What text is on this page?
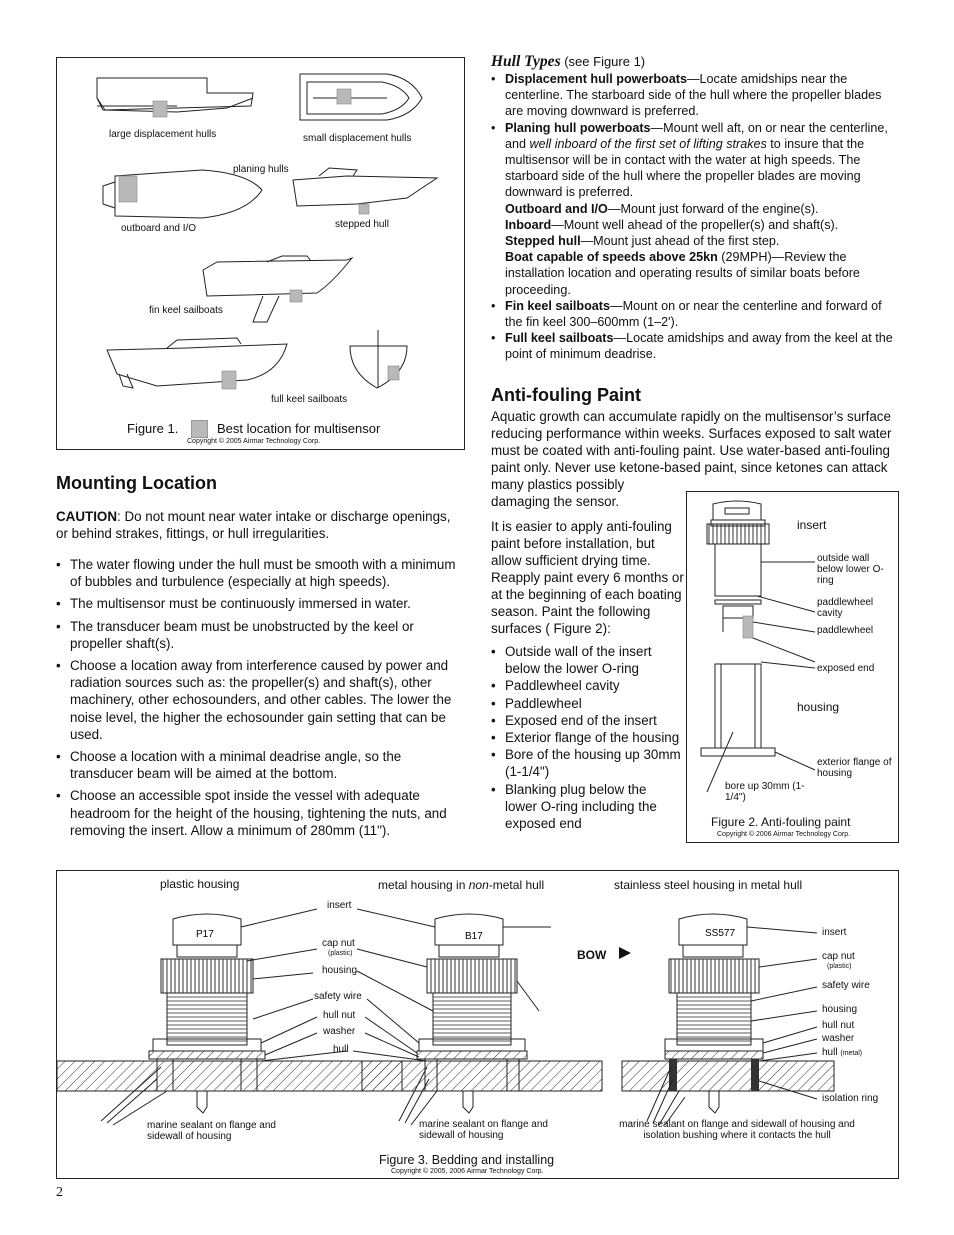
large displacement hulls	small displacement hulls
planing hulls
outboard and I/O	stepped hull
fin keel sailboats
full keel sailboats
Figure 1.	Best location for multisensor
Copyright © 2005 Airmar Technology Corp.
Hull Types (see Figure 1)
• Displacement hull powerboats—Locate amidships near the centerline. The starboard side of the hull where the propeller blades are moving downward is preferred.
• Planing hull powerboats—Mount well aft, on or near the centerline, and well inboard of the first set of lifting strakes to insure that the multisensor will be in contact with the water at high speeds. The starboard side of the hull where the propeller blades are moving downward is preferred.
Outboard and I/O—Mount just forward of the engine(s).
Inboard—Mount well ahead of the propeller(s) and shaft(s).
Stepped hull—Mount just ahead of the first step.
Boat capable of speeds above 25kn (29MPH)—Review the installation location and operating results of similar boats before proceeding.
• Fin keel sailboats—Mount on or near the centerline and forward of the fin keel 300–600mm (1–2').
• Full keel sailboats—Locate amidships and away from the keel at the point of minimum deadrise.
Mounting Location
CAUTION: Do not mount near water intake or discharge openings, or behind strakes, fittings, or hull irregularities.
• The water flowing under the hull must be smooth with a minimum of bubbles and turbulence (especially at high speeds).
• The multisensor must be continuously immersed in water.
• The transducer beam must be unobstructed by the keel or propeller shaft(s).
• Choose a location away from interference caused by power and radiation sources such as: the propeller(s) and shaft(s), other machinery, other echosounders, and other cables. The lower the noise level, the higher the echosounder gain setting that can be used.
• Choose a location with a minimal deadrise angle, so the transducer beam will be aimed at the bottom.
• Choose an accessible spot inside the vessel with adequate headroom for the height of the housing, tightening the nuts, and removing the insert. Allow a minimum of 280mm (11").
Anti-fouling Paint
Aquatic growth can accumulate rapidly on the multisensor’s surface reducing performance within weeks. Surfaces exposed to salt water must be coated with anti-fouling paint. Use water-based anti-fouling paint only. Never use ketone-based paint, since ketones can attack
many plastics possibly damaging the sensor.
It is easier to apply anti-fouling paint before installation, but allow sufficient drying time. Reapply paint every 6 months or at the beginning of each boating season. Paint the following surfaces ( Figure 2):
• Outside wall of the insert below the lower O-ring
• Paddlewheel cavity
• Paddlewheel
• Exposed end of the insert
• Exterior flange of the housing
• Bore of the housing up 30mm (1-1/4")
• Blanking plug below the lower O-ring including the exposed end
insert
outside wall below lower O-ring
paddlewheel cavity
paddlewheel
exposed end
housing
exterior flange of housing
bore up 30mm (1-1/4")
Figure 2. Anti-fouling paint
Copyright © 2006 Airmar Technology Corp.
P17	B17	SS577
plastic housing	metal housing in non-metal hull	stainless steel housing in metal hull
BOW
insert
cap nut
(plastic)
housing
safety wire
hull nut
washer
hull
insert
cap nut
(plastic)
safety wire
housing
hull nut
washer
hull (metal)
isolation ring
marine sealant on flange and sidewall of housing
marine sealant on flange and sidewall of housing
marine sealant on flange and sidewall of housing and isolation bushing where it contacts the hull
Figure 3. Bedding and installing
Copyright © 2005, 2006 Airmar Technology Corp.
2
